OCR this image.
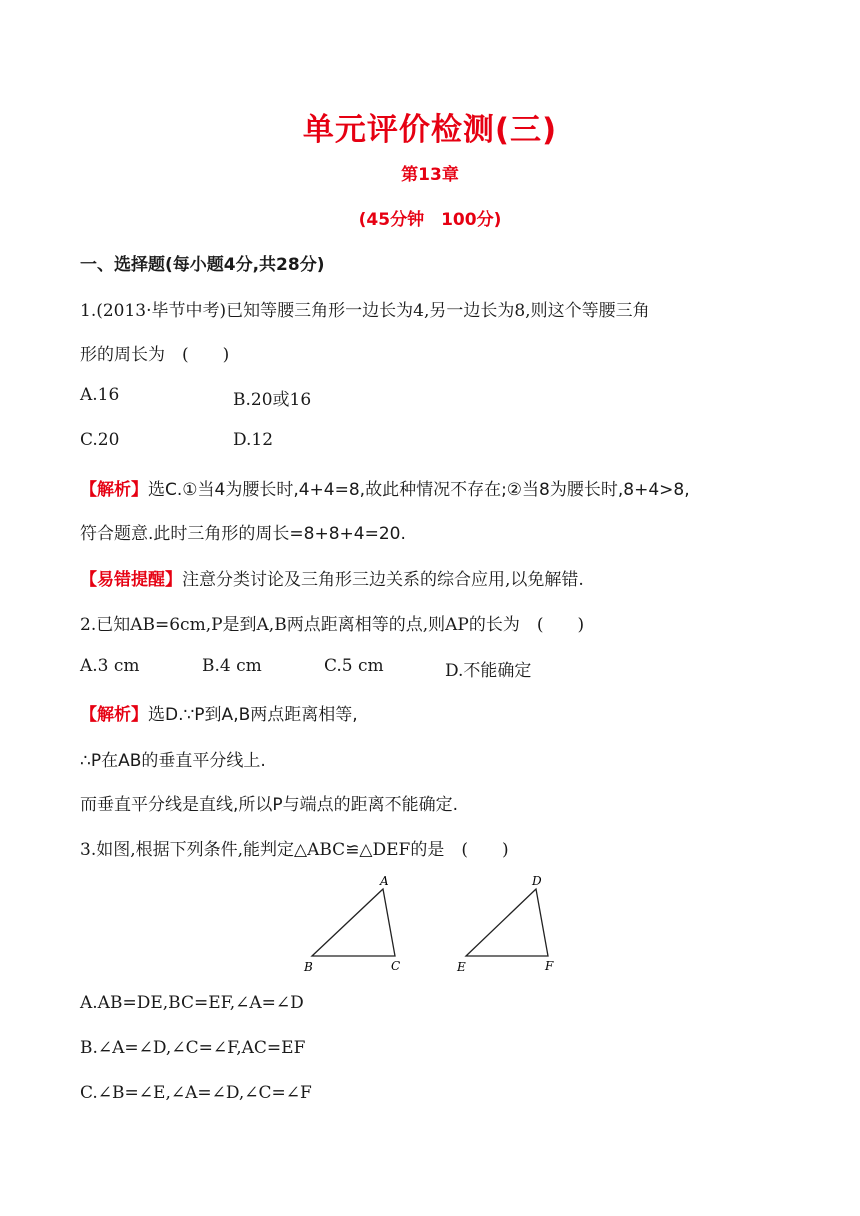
单元评价检测(三)
第13章
(45分钟　100分)
一、选择题(每小题4分,共28分)
1.(2013·毕节中考)已知等腰三角形一边长为4,另一边长为8,则这个等腰三角
形的周长为　(　　)
A.16	B.20或16
C.20	D.12
【解析】选C.①当4为腰长时,4+4=8,故此种情况不存在;②当8为腰长时,8+4>8,
符合题意.此时三角形的周长=8+8+4=20.
【易错提醒】注意分类讨论及三角形三边关系的综合应用,以免解错.
2.已知AB=6cm,P是到A,B两点距离相等的点,则AP的长为　(　　)
A.3 cm	B.4 cm	C.5 cm	D.不能确定
【解析】选D.∵P到A,B两点距离相等,
∴P在AB的垂直平分线上.
而垂直平分线是直线,所以P与端点的距离不能确定.
3.如图,根据下列条件,能判定△ABC≌△DEF的是　(　　)
A
B	C
D
E	F
A.AB=DE,BC=EF,∠A=∠D
B.∠A=∠D,∠C=∠F,AC=EF
C.∠B=∠E,∠A=∠D,∠C=∠F
